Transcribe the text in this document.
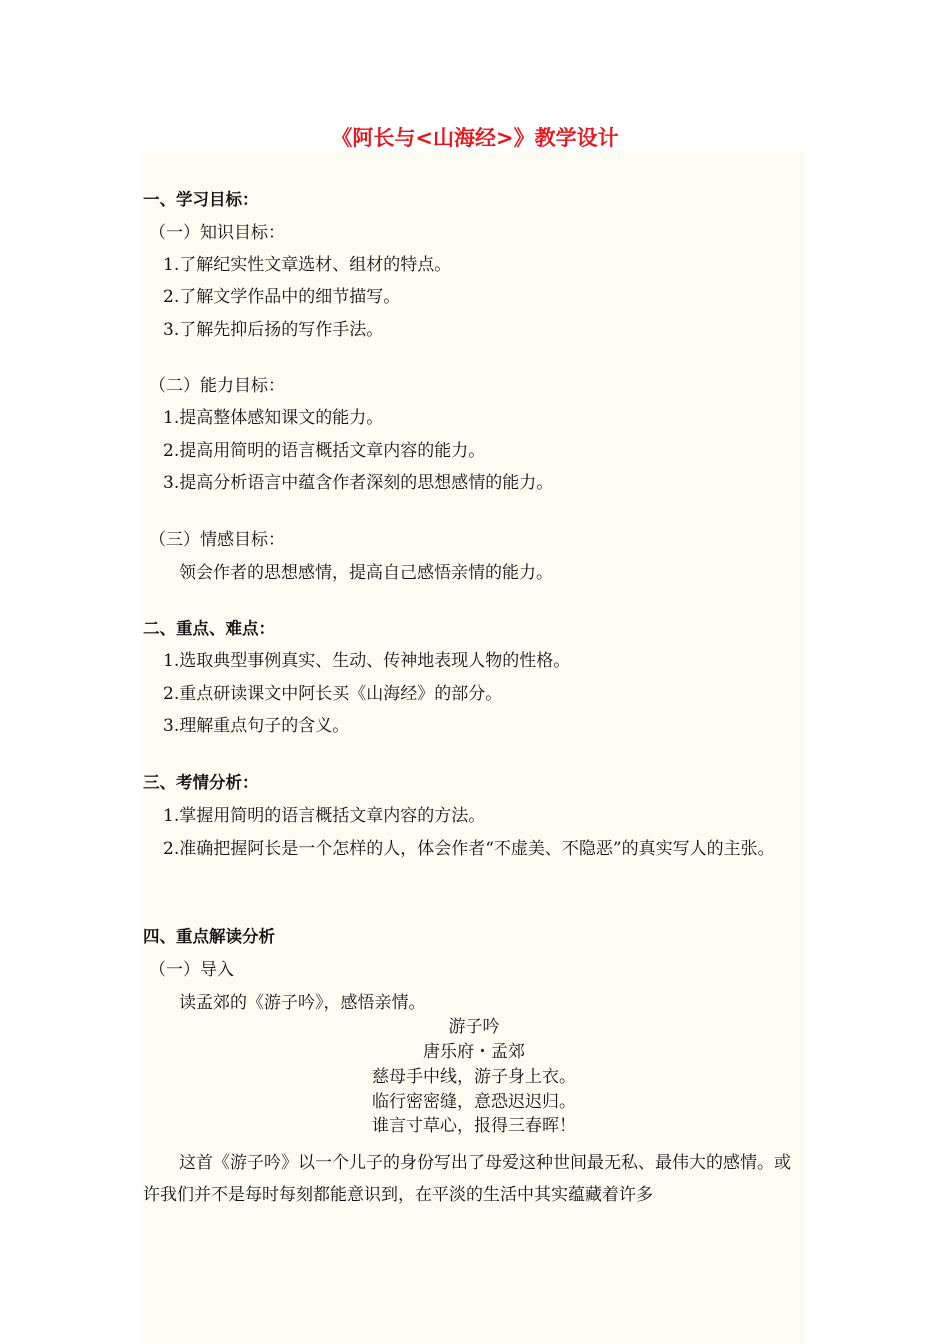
《阿长与<山海经>》教学设计
一、学习目标：
（一）知识目标：
1.了解纪实性文章选材、组材的特点。
2.了解文学作品中的细节描写。
3.了解先抑后扬的写作手法。
（二）能力目标：
1.提高整体感知课文的能力。
2.提高用简明的语言概括文章内容的能力。
3.提高分析语言中蕴含作者深刻的思想感情的能力。
（三）情感目标：
领会作者的思想感情，提高自己感悟亲情的能力。
二、重点、难点：
1.选取典型事例真实、生动、传神地表现人物的性格。
2.重点研读课文中阿长买《山海经》的部分。
3.理解重点句子的含义。
三、考情分析：
1.掌握用简明的语言概括文章内容的方法。
2.准确把握阿长是一个怎样的人，体会作者“不虚美、不隐恶”的真实写人的主张。
四、重点解读分析
（一）导入
读孟郊的《游子吟》，感悟亲情。
游子吟
唐乐府・孟郊
慈母手中线，游子身上衣。
临行密密缝，意恐迟迟归。
谁言寸草心，报得三春晖！
这首《游子吟》以一个儿子的身份写出了母爱这种世间最无私、最伟大的感情。或许我们并不是每时每刻都能意识到，在平淡的生活中其实蕴藏着许多
